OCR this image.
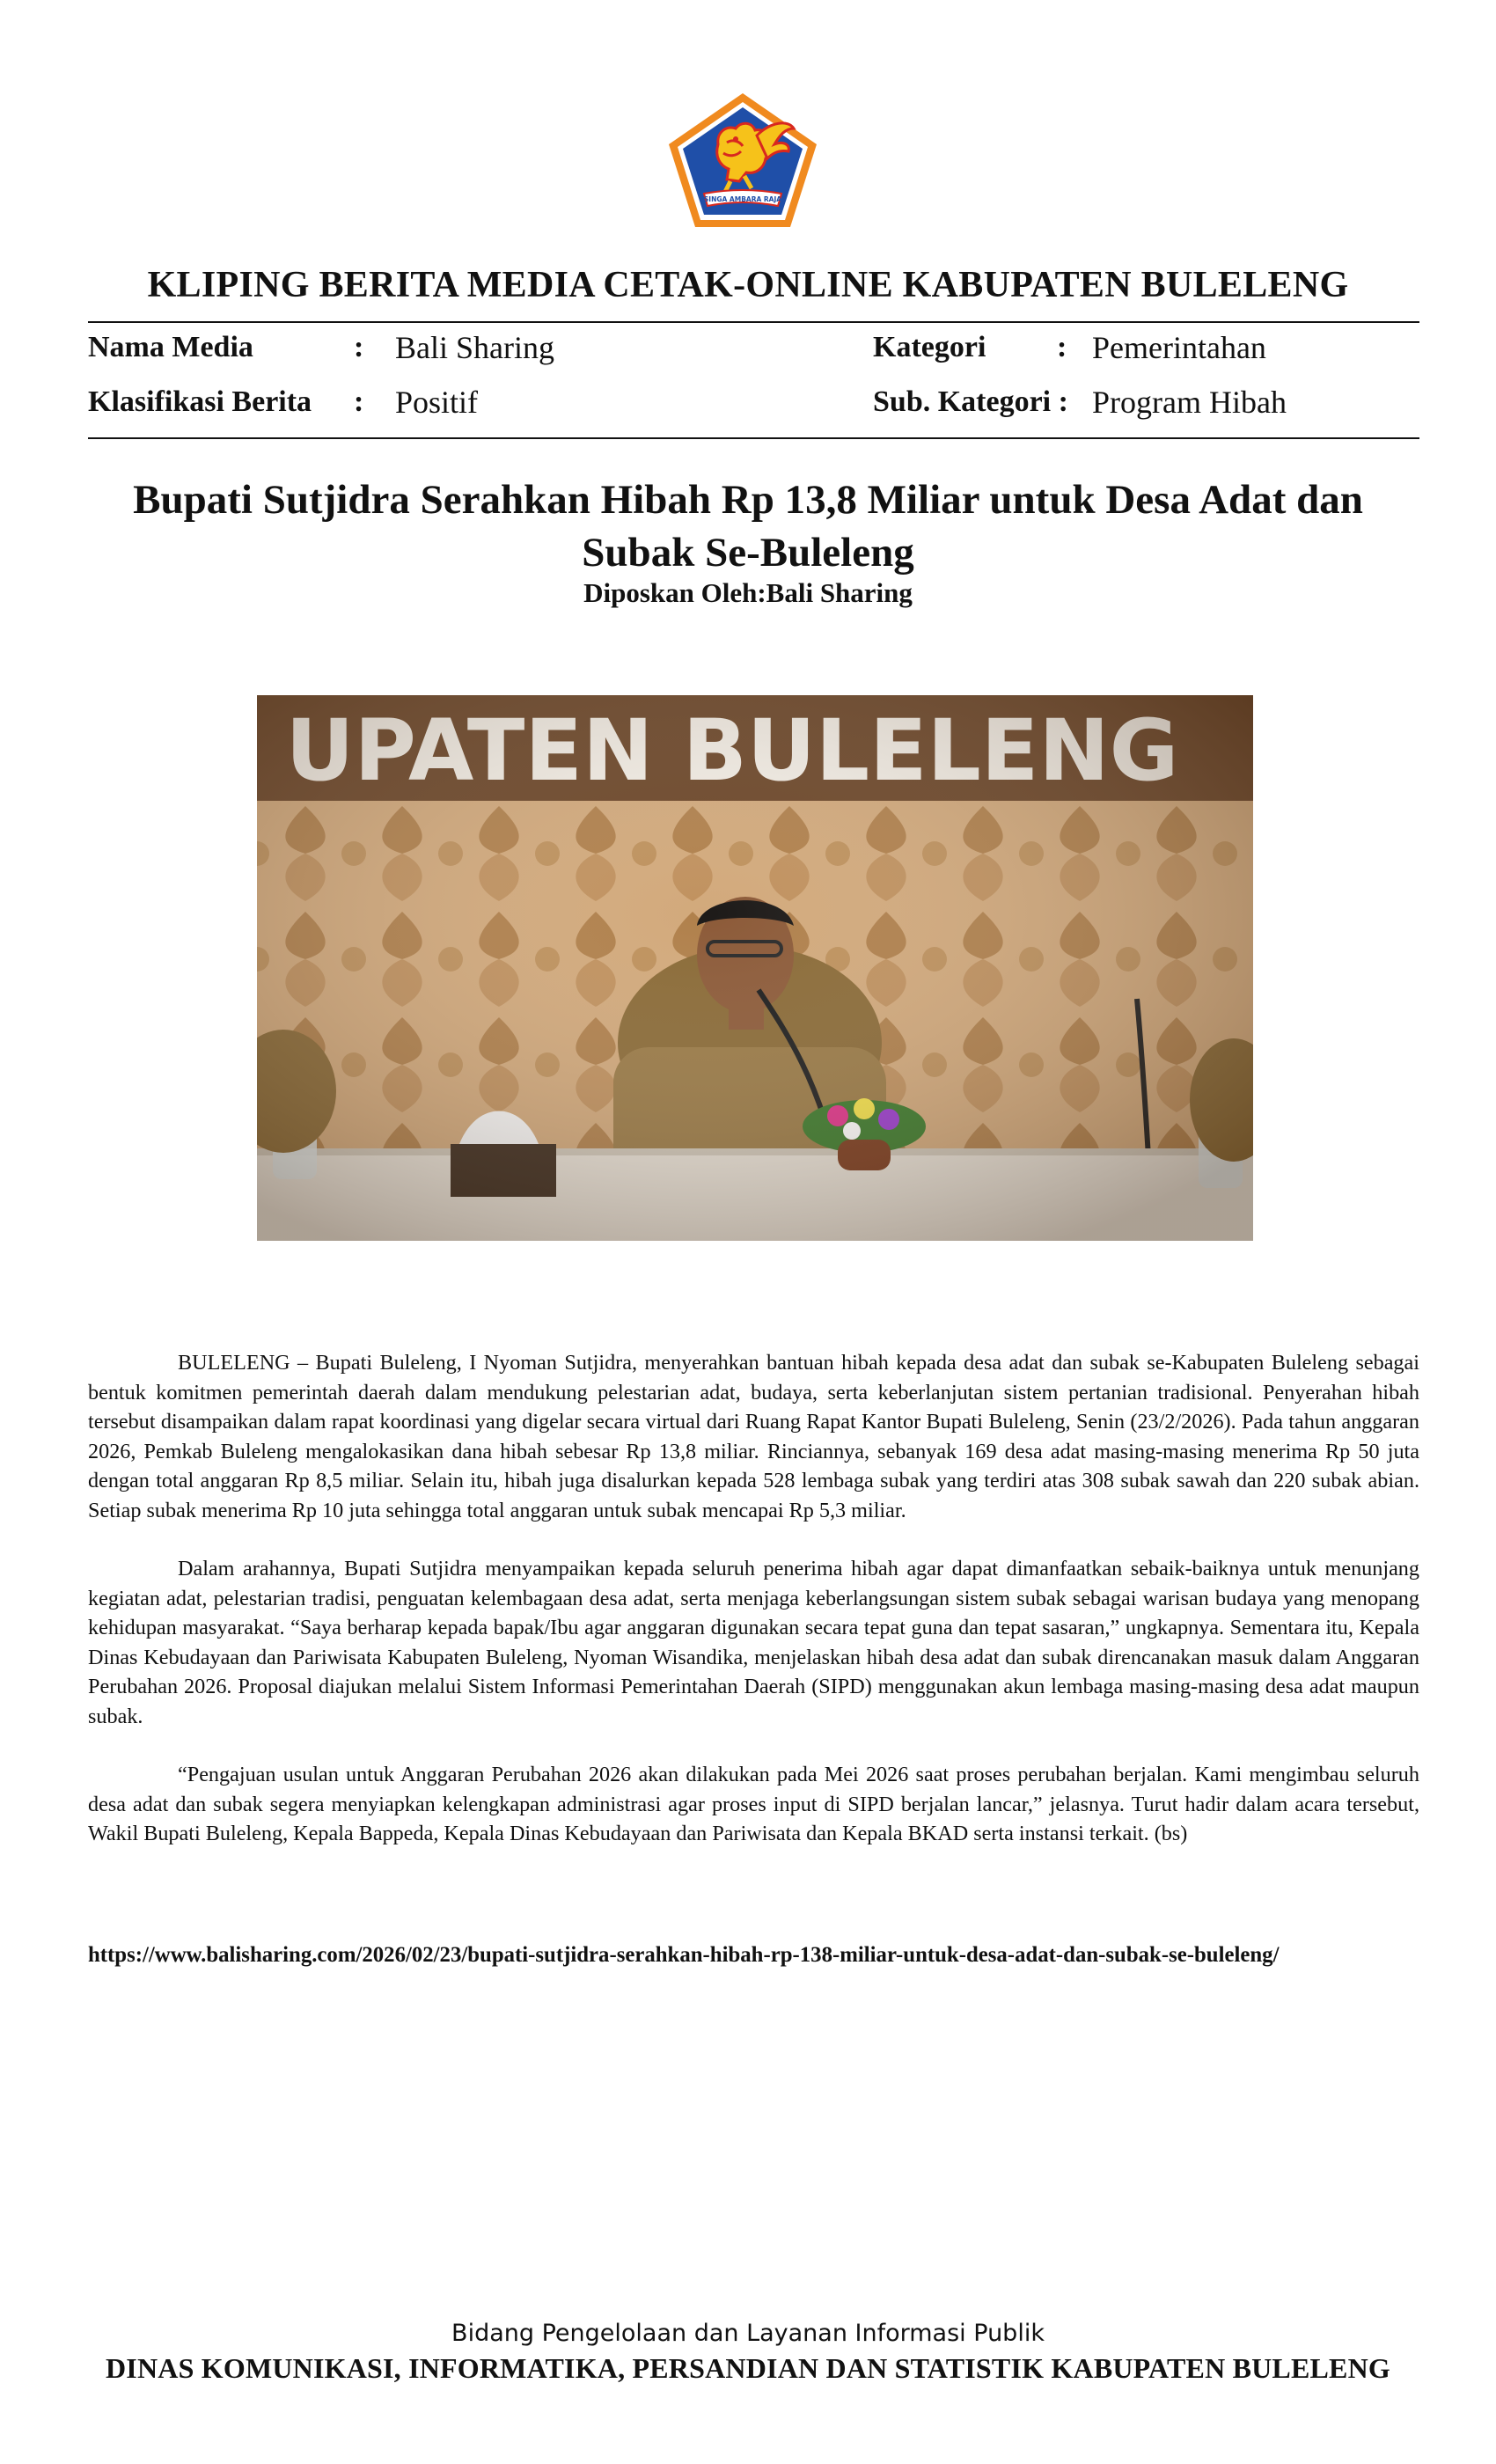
SINGA AMBARA RAJA
KLIPING BERITA MEDIA CETAK-ONLINE KABUPATEN BULELENG
Nama Media	: Bali Sharing	Kategori : Pemerintahan
Klasifikasi Berita : Positif	Sub. Kategori : Program Hibah
Bupati Sutjidra Serahkan Hibah Rp 13,8 Miliar untuk Desa Adat dan Subak Se-Buleleng
Diposkan Oleh:Bali Sharing

BULELENG – Bupati Buleleng, I Nyoman Sutjidra, menyerahkan bantuan hibah kepada desa adat dan subak se-Kabupaten Buleleng sebagai bentuk komitmen pemerintah daerah dalam mendukung pelestarian adat, budaya, serta keberlanjutan sistem pertanian tradisional. Penyerahan hibah tersebut disampaikan dalam rapat koordinasi yang digelar secara virtual dari Ruang Rapat Kantor Bupati Buleleng, Senin (23/2/2026). Pada tahun anggaran 2026, Pemkab Buleleng mengalokasikan dana hibah sebesar Rp 13,8 miliar. Rinciannya, sebanyak 169 desa adat masing-masing menerima Rp 50 juta dengan total anggaran Rp 8,5 miliar. Selain itu, hibah juga disalurkan kepada 528 lembaga subak yang terdiri atas 308 subak sawah dan 220 subak abian. Setiap subak menerima Rp 10 juta sehingga total anggaran untuk subak mencapai Rp 5,3 miliar.

Dalam arahannya, Bupati Sutjidra menyampaikan kepada seluruh penerima hibah agar dapat dimanfaatkan sebaik-baiknya untuk menunjang kegiatan adat, pelestarian tradisi, penguatan kelembagaan desa adat, serta menjaga keberlangsungan sistem subak sebagai warisan budaya yang menopang kehidupan masyarakat. “Saya berharap kepada bapak/Ibu agar anggaran digunakan secara tepat guna dan tepat sasaran,” ungkapnya. Sementara itu, Kepala Dinas Kebudayaan dan Pariwisata Kabupaten Buleleng, Nyoman Wisandika, menjelaskan hibah desa adat dan subak direncanakan masuk dalam Anggaran Perubahan 2026. Proposal diajukan melalui Sistem Informasi Pemerintahan Daerah (SIPD) menggunakan akun lembaga masing-masing desa adat maupun subak.

“Pengajuan usulan untuk Anggaran Perubahan 2026 akan dilakukan pada Mei 2026 saat proses perubahan berjalan. Kami mengimbau seluruh desa adat dan subak segera menyiapkan kelengkapan administrasi agar proses input di SIPD berjalan lancar,” jelasnya. Turut hadir dalam acara tersebut, Wakil Bupati Buleleng, Kepala Bappeda, Kepala Dinas Kebudayaan dan Pariwisata dan Kepala BKAD serta instansi terkait. (bs)

https://www.balisharing.com/2026/02/23/bupati-sutjidra-serahkan-hibah-rp-138-miliar-untuk-desa-adat-dan-subak-se-buleleng/
Bidang Pengelolaan dan Layanan Informasi Publik
DINAS KOMUNIKASI, INFORMATIKA, PERSANDIAN DAN STATISTIK KABUPATEN BULELENG
